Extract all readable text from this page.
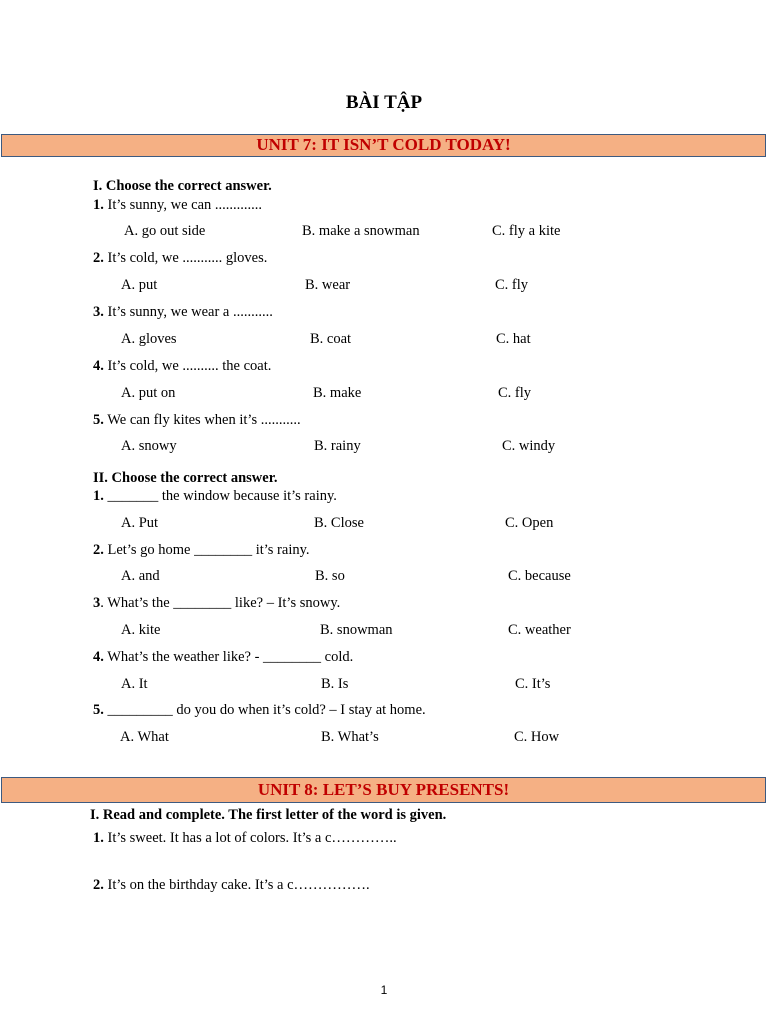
BÀI TẬP
UNIT 7: IT ISN’T COLD TODAY!
I. Choose the correct answer.
1. It’s sunny, we can .............
A. go out side	B. make a snowman	C. fly a kite
2. It’s cold, we ........... gloves.
A. put	B. wear	C. fly
3. It’s sunny, we wear a ...........
A. gloves	B. coat	C. hat
4. It’s cold, we .......... the coat.
A. put on	B. make	C. fly
5. We can fly kites when it’s ...........
A. snowy	B. rainy	C. windy
II. Choose the correct answer.
1. _______ the window because it’s rainy.
A. Put	B. Close	C. Open
2. Let’s go home ________ it’s rainy.
A. and	B. so	C. because
3. What’s the ________ like? – It’s snowy.
A. kite	B. snowman	C. weather
4. What’s the weather like? - ________ cold.
A. It	B. Is	C. It’s
5. _________ do you do when it’s cold? – I stay at home.
A. What	B. What’s	C. How
UNIT 8: LET’S BUY PRESENTS!
I. Read and complete. The first letter of the word is given.
1. It’s sweet. It has a lot of colors. It’s a c…………..
2. It’s on the birthday cake. It’s a c…………….
1
